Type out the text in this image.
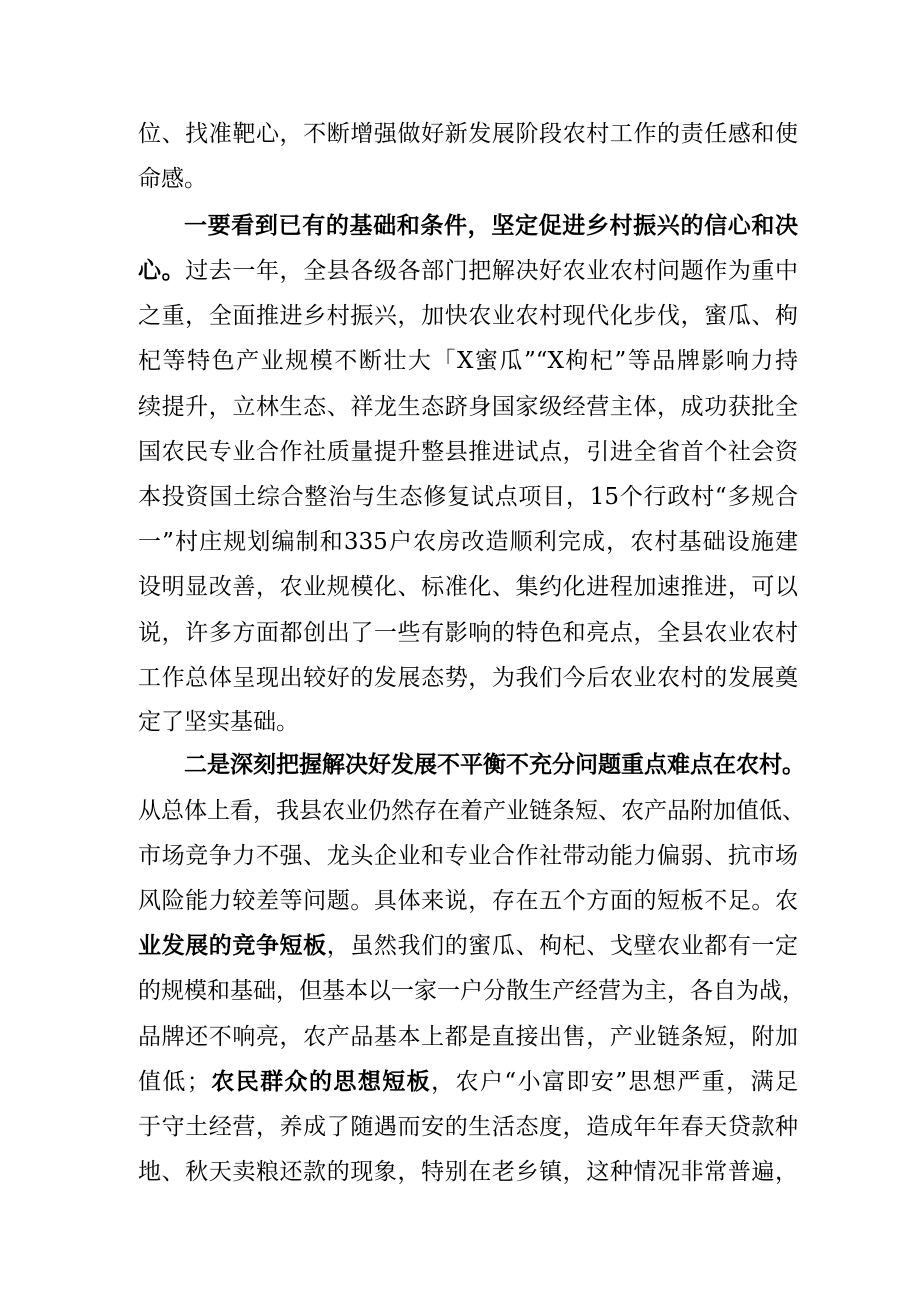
位、找准靶心，不断增强做好新发展阶段农村工作的责任感和使
命感。
一要看到已有的基础和条件，坚定促进乡村振兴的信心和决
心。过去一年，全县各级各部门把解决好农业农村问题作为重中
之重，全面推进乡村振兴，加快农业农村现代化步伐，蜜瓜、枸
杞等特色产业规模不断壮大「X蜜瓜”“X枸杞”等品牌影响力持
续提升，立林生态、祥龙生态跻身国家级经营主体，成功获批全
国农民专业合作社质量提升整县推进试点，引进全省首个社会资
本投资国土综合整治与生态修复试点项目，15个行政村“多规合
一”村庄规划编制和335户农房改造顺利完成，农村基础设施建
设明显改善，农业规模化、标准化、集约化进程加速推进，可以
说，许多方面都创出了一些有影响的特色和亮点，全县农业农村
工作总体呈现出较好的发展态势，为我们今后农业农村的发展奠
定了坚实基础。
二是深刻把握解决好发展不平衡不充分问题重点难点在农村。
从总体上看，我县农业仍然存在着产业链条短、农产品附加值低、
市场竞争力不强、龙头企业和专业合作社带动能力偏弱、抗市场
风险能力较差等问题。具体来说，存在五个方面的短板不足。农
业发展的竞争短板，虽然我们的蜜瓜、枸杞、戈壁农业都有一定
的规模和基础，但基本以一家一户分散生产经营为主，各自为战，
品牌还不响亮，农产品基本上都是直接出售，产业链条短，附加
值低；农民群众的思想短板，农户“小富即安”思想严重，满足
于守土经营，养成了随遇而安的生活态度，造成年年春天贷款种
地、秋天卖粮还款的现象，特别在老乡镇，这种情况非常普遍，
